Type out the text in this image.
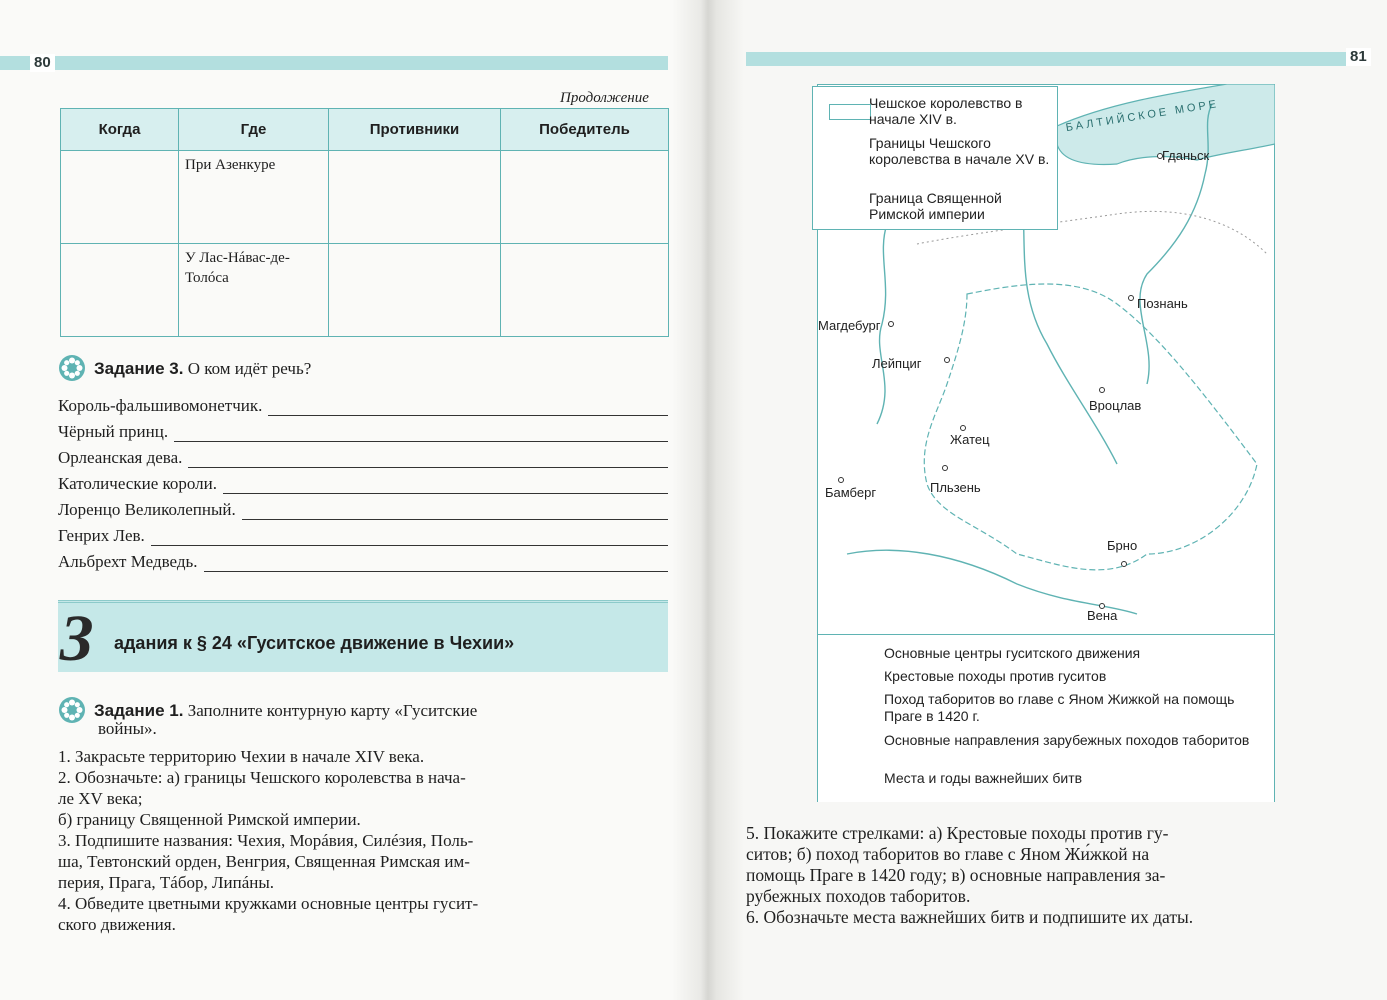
80
Продолжение
Когда	Где	Противники	Победитель
	При Азенкуре		
	У Лас-Нáвас-де-Толóса		
Задание 3. О ком идёт речь?
Король-фальшивомонетчик.
Чёрный принц.
Орлеанская дева.
Католические короли.
Лоренцо Великолепный.
Генрих Лев.
Альбрехт Медведь.
З адания к § 24 «Гуситское движение в Чехии»
Задание 1. Заполните контурную карту «Гуситские
войны».
1. Закрасьте территорию Чехии в начале XIV века.
2. Обозначьте: а) границы Чешского королевства в нача-
ле XV века;
б) границу Священной Римской империи.
3. Подпишите названия: Чехия, Морáвия, Силéзия, Поль-
ша, Тевтонский орден, Венгрия, Священная Римская им-
перия, Прага, Тáбор, Липáны.
4. Обведите цветными кружками основные центры гусит-
ского движения.
81
БАЛТИЙСКОЕ МОРЕ
Гданьск
Познань
Магдебург
Лейпциг
Вроцлав
Жатец
Пльзень
Бамберг
Брно
Вена
Чешское королевство в начале XIV в.
Границы Чешского королевства в начале XV в.
Граница Священной Римской империи
Основные центры гуситского движения
Крестовые походы против гуситов
Поход таборитов во главе с Яном Жижкой на помощь Праге в 1420 г.
Основные направления зарубежных походов таборитов
Места и годы важнейших битв
5. Покажите стрелками: а) Крестовые походы против гу-
ситов; б) поход таборитов во главе с Яном Жи́жкой на
помощь Праге в 1420 году; в) основные направления за-
рубежных походов таборитов.
6. Обозначьте места важнейших битв и подпишите их даты.
